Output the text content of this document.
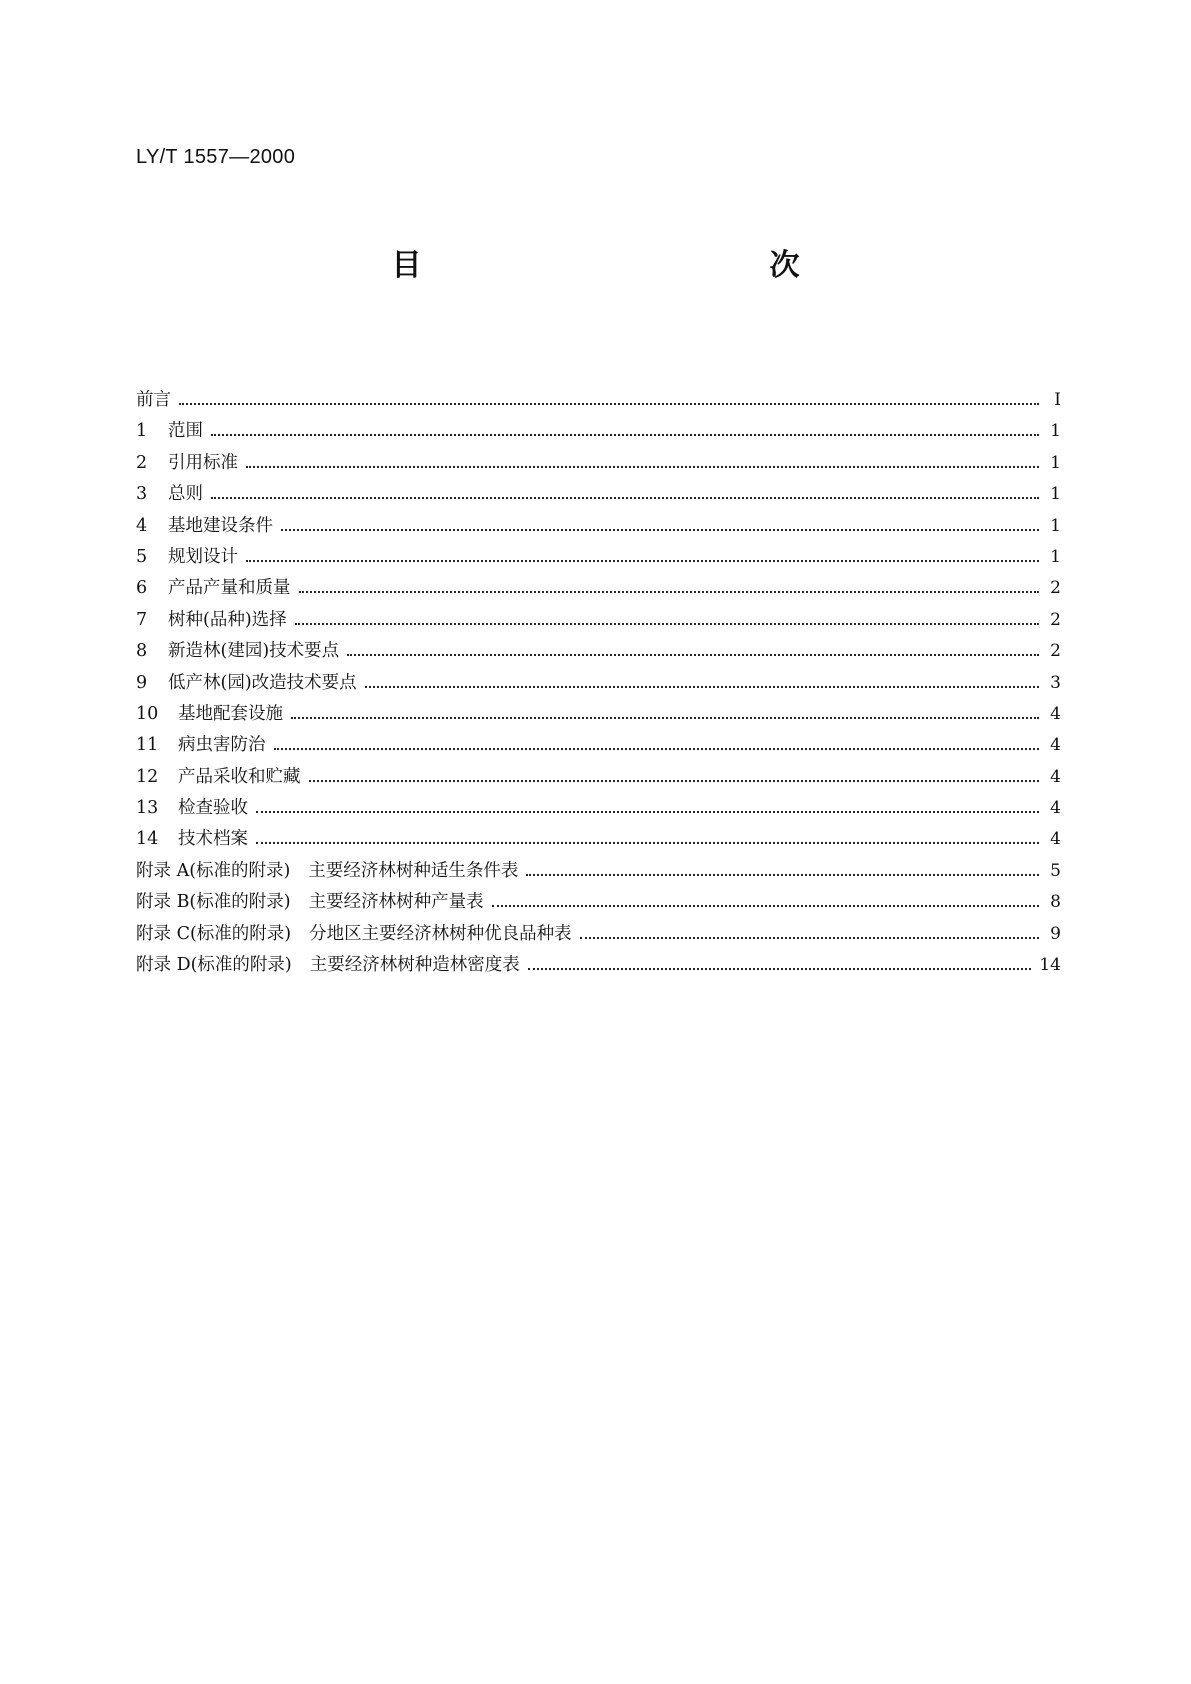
LY/T 1557—2000
目　　次
前言	I
1	范围	1
2	引用标准	1
3	总则	1
4	基地建设条件	1
5	规划设计	1
6	产品产量和质量	2
7	树种(品种)选择	2
8	新造林(建园)技术要点	2
9	低产林(园)改造技术要点	3
10	基地配套设施	4
11	病虫害防治	4
12	产品采收和贮藏	4
13	检查验收	4
14	技术档案	4
附录 A(标准的附录) 主要经济林树种适生条件表	5
附录 B(标准的附录) 主要经济林树种产量表	8
附录 C(标准的附录) 分地区主要经济林树种优良品种表	9
附录 D(标准的附录) 主要经济林树种造林密度表	14
